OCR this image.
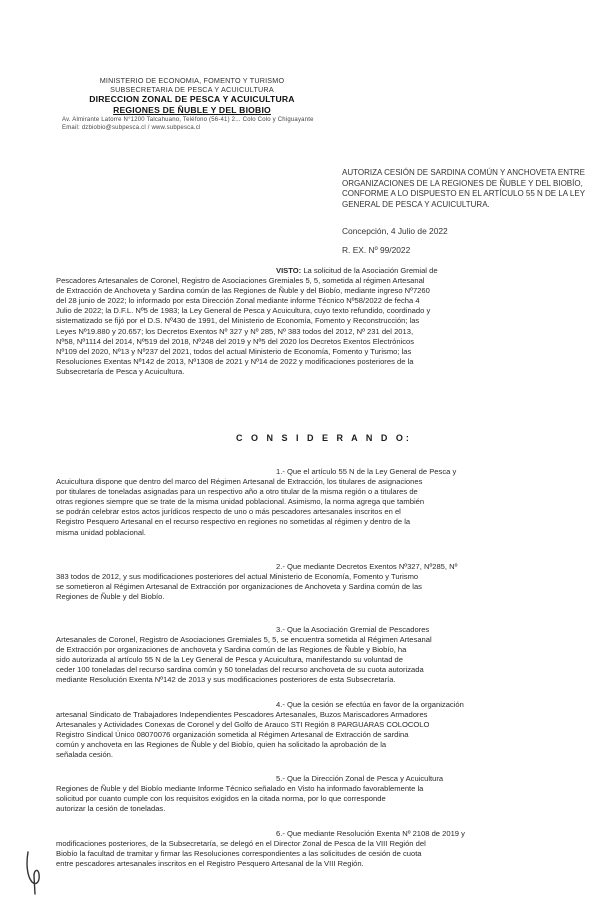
MINISTERIO DE ECONOMIA, FOMENTO Y TURISMO
SUBSECRETARIA DE PESCA Y ACUICULTURA
DIRECCION ZONAL DE PESCA Y ACUICULTURA
REGIONES DE ÑUBLE Y DEL BIOBIO
Av. Almirante Latorre N°1200 Talcahuano, Teléfono (56-41) 2... Colo Colo y Chiguayante
Email: dzbiobio@subpesca.cl / www.subpesca.cl
AUTORIZA CESIÓN DE SARDINA COMÚN Y ANCHOVETA ENTRE
ORGANIZACIONES DE LA REGIONES DE ÑUBLE Y DEL BIOBÍO,
CONFORME A LO DISPUESTO EN EL ARTÍCULO 55 N DE LA LEY
GENERAL DE PESCA Y ACUICULTURA.
Concepción, 4 Julio de 2022
R. EX. Nº 99/2022
VISTO: La solicitud de la Asociación Gremial de
Pescadores Artesanales de Coronel, Registro de Asociaciones Gremiales 5, 5, sometida al régimen Artesanal
de Extracción de Anchoveta y Sardina común de las Regiones de Ñuble y del Biobío, mediante ingreso Nº7260
del 28 junio de 2022; lo informado por esta Dirección Zonal mediante informe Técnico Nº58/2022 de fecha 4
Julio de 2022; la D.F.L. Nº5 de 1983; la Ley General de Pesca y Acuicultura, cuyo texto refundido, coordinado y
sistematizado se fijó por el D.S. Nº430 de 1991, del Ministerio de Economía, Fomento y Reconstrucción; las
Leyes Nº19.880 y 20.657; los Decretos Exentos Nº 327 y Nº 285, Nº 383 todos del 2012, Nº 231 del 2013,
Nº58, Nº1114 del 2014, Nº519 del 2018, Nº248 del 2019 y Nº5 del 2020 los Decretos Exentos Electrónicos
Nº109 del 2020, Nº13 y Nº237 del 2021, todos del actual Ministerio de Economía, Fomento y Turismo; las
Resoluciones Exentas Nº142 de 2013, Nº1308 de 2021 y Nº14 de 2022 y modificaciones posteriores de la
Subsecretaría de Pesca y Acuicultura.
C O N S I D E R A N D O:
1.- Que el artículo 55 N de la Ley General de Pesca y
Acuicultura dispone que dentro del marco del Régimen Artesanal de Extracción, los titulares de asignaciones
por titulares de toneladas asignadas para un respectivo año a otro titular de la misma región o a titulares de
otras regiones siempre que se trate de la misma unidad poblacional. Asimismo, la norma agrega que también
se podrán celebrar estos actos jurídicos respecto de uno o más pescadores artesanales inscritos en el
Registro Pesquero Artesanal en el recurso respectivo en regiones no sometidas al régimen y dentro de la
misma unidad poblacional.
2.- Que mediante Decretos Exentos Nº327, Nº285, Nº
383 todos de 2012, y sus modificaciones posteriores del actual Ministerio de Economía, Fomento y Turismo
se sometieron al Régimen Artesanal de Extracción por organizaciones de Anchoveta y Sardina común de las
Regiones de Ñuble y del Biobío.
3.- Que la Asociación Gremial de Pescadores
Artesanales de Coronel, Registro de Asociaciones Gremiales 5, 5, se encuentra sometida al Régimen Artesanal
de Extracción por organizaciones de anchoveta y Sardina común de las Regiones de Ñuble y Biobío, ha
sido autorizada al artículo 55 N de la Ley General de Pesca y Acuicultura, manifestando su voluntad de
ceder 100 toneladas del recurso sardina común y 50 toneladas del recurso anchoveta de su cuota autorizada
mediante Resolución Exenta Nº142 de 2013 y sus modificaciones posteriores de esta Subsecretaría.
4.- Que la cesión se efectúa en favor de la organización
artesanal Sindicato de Trabajadores Independientes Pescadores Artesanales, Buzos Mariscadores Armadores
Artesanales y Actividades Conexas de Coronel y del Golfo de Arauco STI Región 8 PARGUARAS COLOCOLO
Registro Sindical Único 08070076 organización sometida al Régimen Artesanal de Extracción de sardina
común y anchoveta en las Regiones de Ñuble y del Biobío, quien ha solicitado la aprobación de la
señalada cesión.
5.- Que la Dirección Zonal de Pesca y Acuicultura
Regiones de Ñuble y del Biobío mediante Informe Técnico señalado en Visto ha informado favorablemente la
solicitud por cuanto cumple con los requisitos exigidos en la citada norma, por lo que corresponde
autorizar la cesión de toneladas.
6.- Que mediante Resolución Exenta Nº 2108 de 2019 y
modificaciones posteriores, de la Subsecretaría, se delegó en el Director Zonal de Pesca de la VIII Región del
Biobío la facultad de tramitar y firmar las Resoluciones correspondientes a las solicitudes de cesión de cuota
entre pescadores artesanales inscritos en el Registro Pesquero Artesanal de la VIII Región.
